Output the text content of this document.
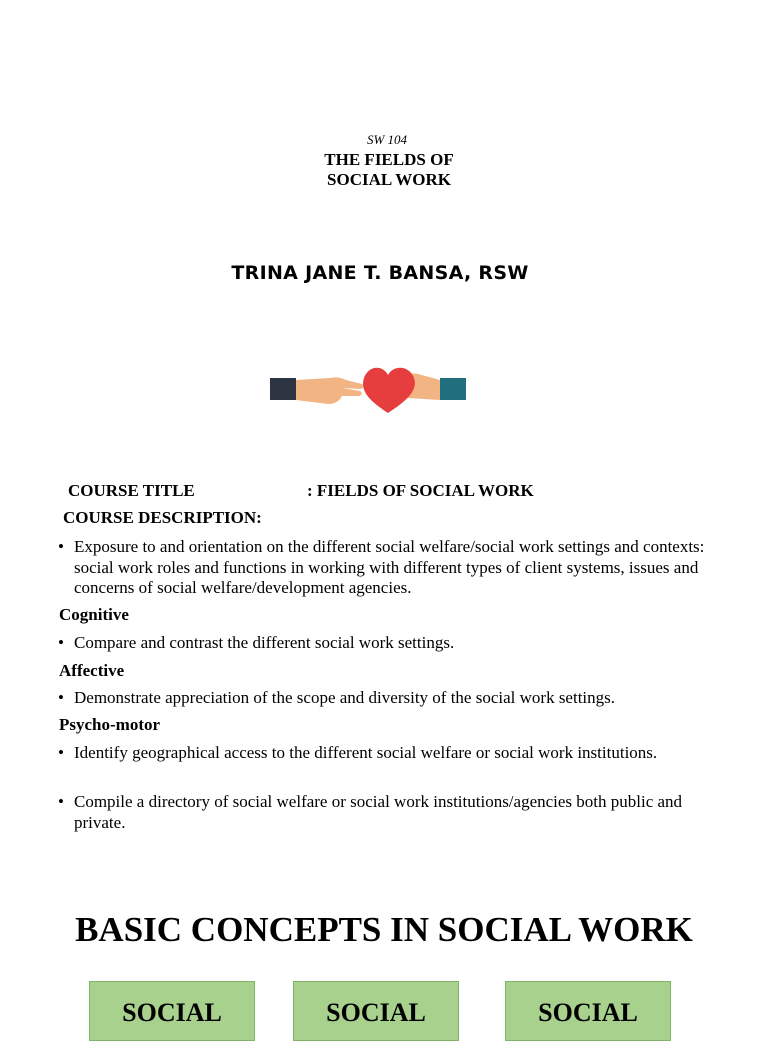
SW 104
THE FIELDS OF
SOCIAL WORK
TRINA JANE T. BANSA, RSW
COURSE TITLE	: FIELDS OF SOCIAL WORK
COURSE DESCRIPTION:
• Exposure to and orientation on the different social welfare/social work settings and contexts: social work roles and functions in working with different types of client systems, issues and concerns of social welfare/development agencies.
Cognitive
• Compare and contrast the different social work settings.
Affective
• Demonstrate appreciation of the scope and diversity of the social work settings.
Psycho-motor
• Identify geographical access to the different social welfare or social work institutions.
• Compile a directory of social welfare or social work institutions/agencies both public and private.
BASIC CONCEPTS IN SOCIAL WORK
SOCIAL	SOCIAL	SOCIAL
